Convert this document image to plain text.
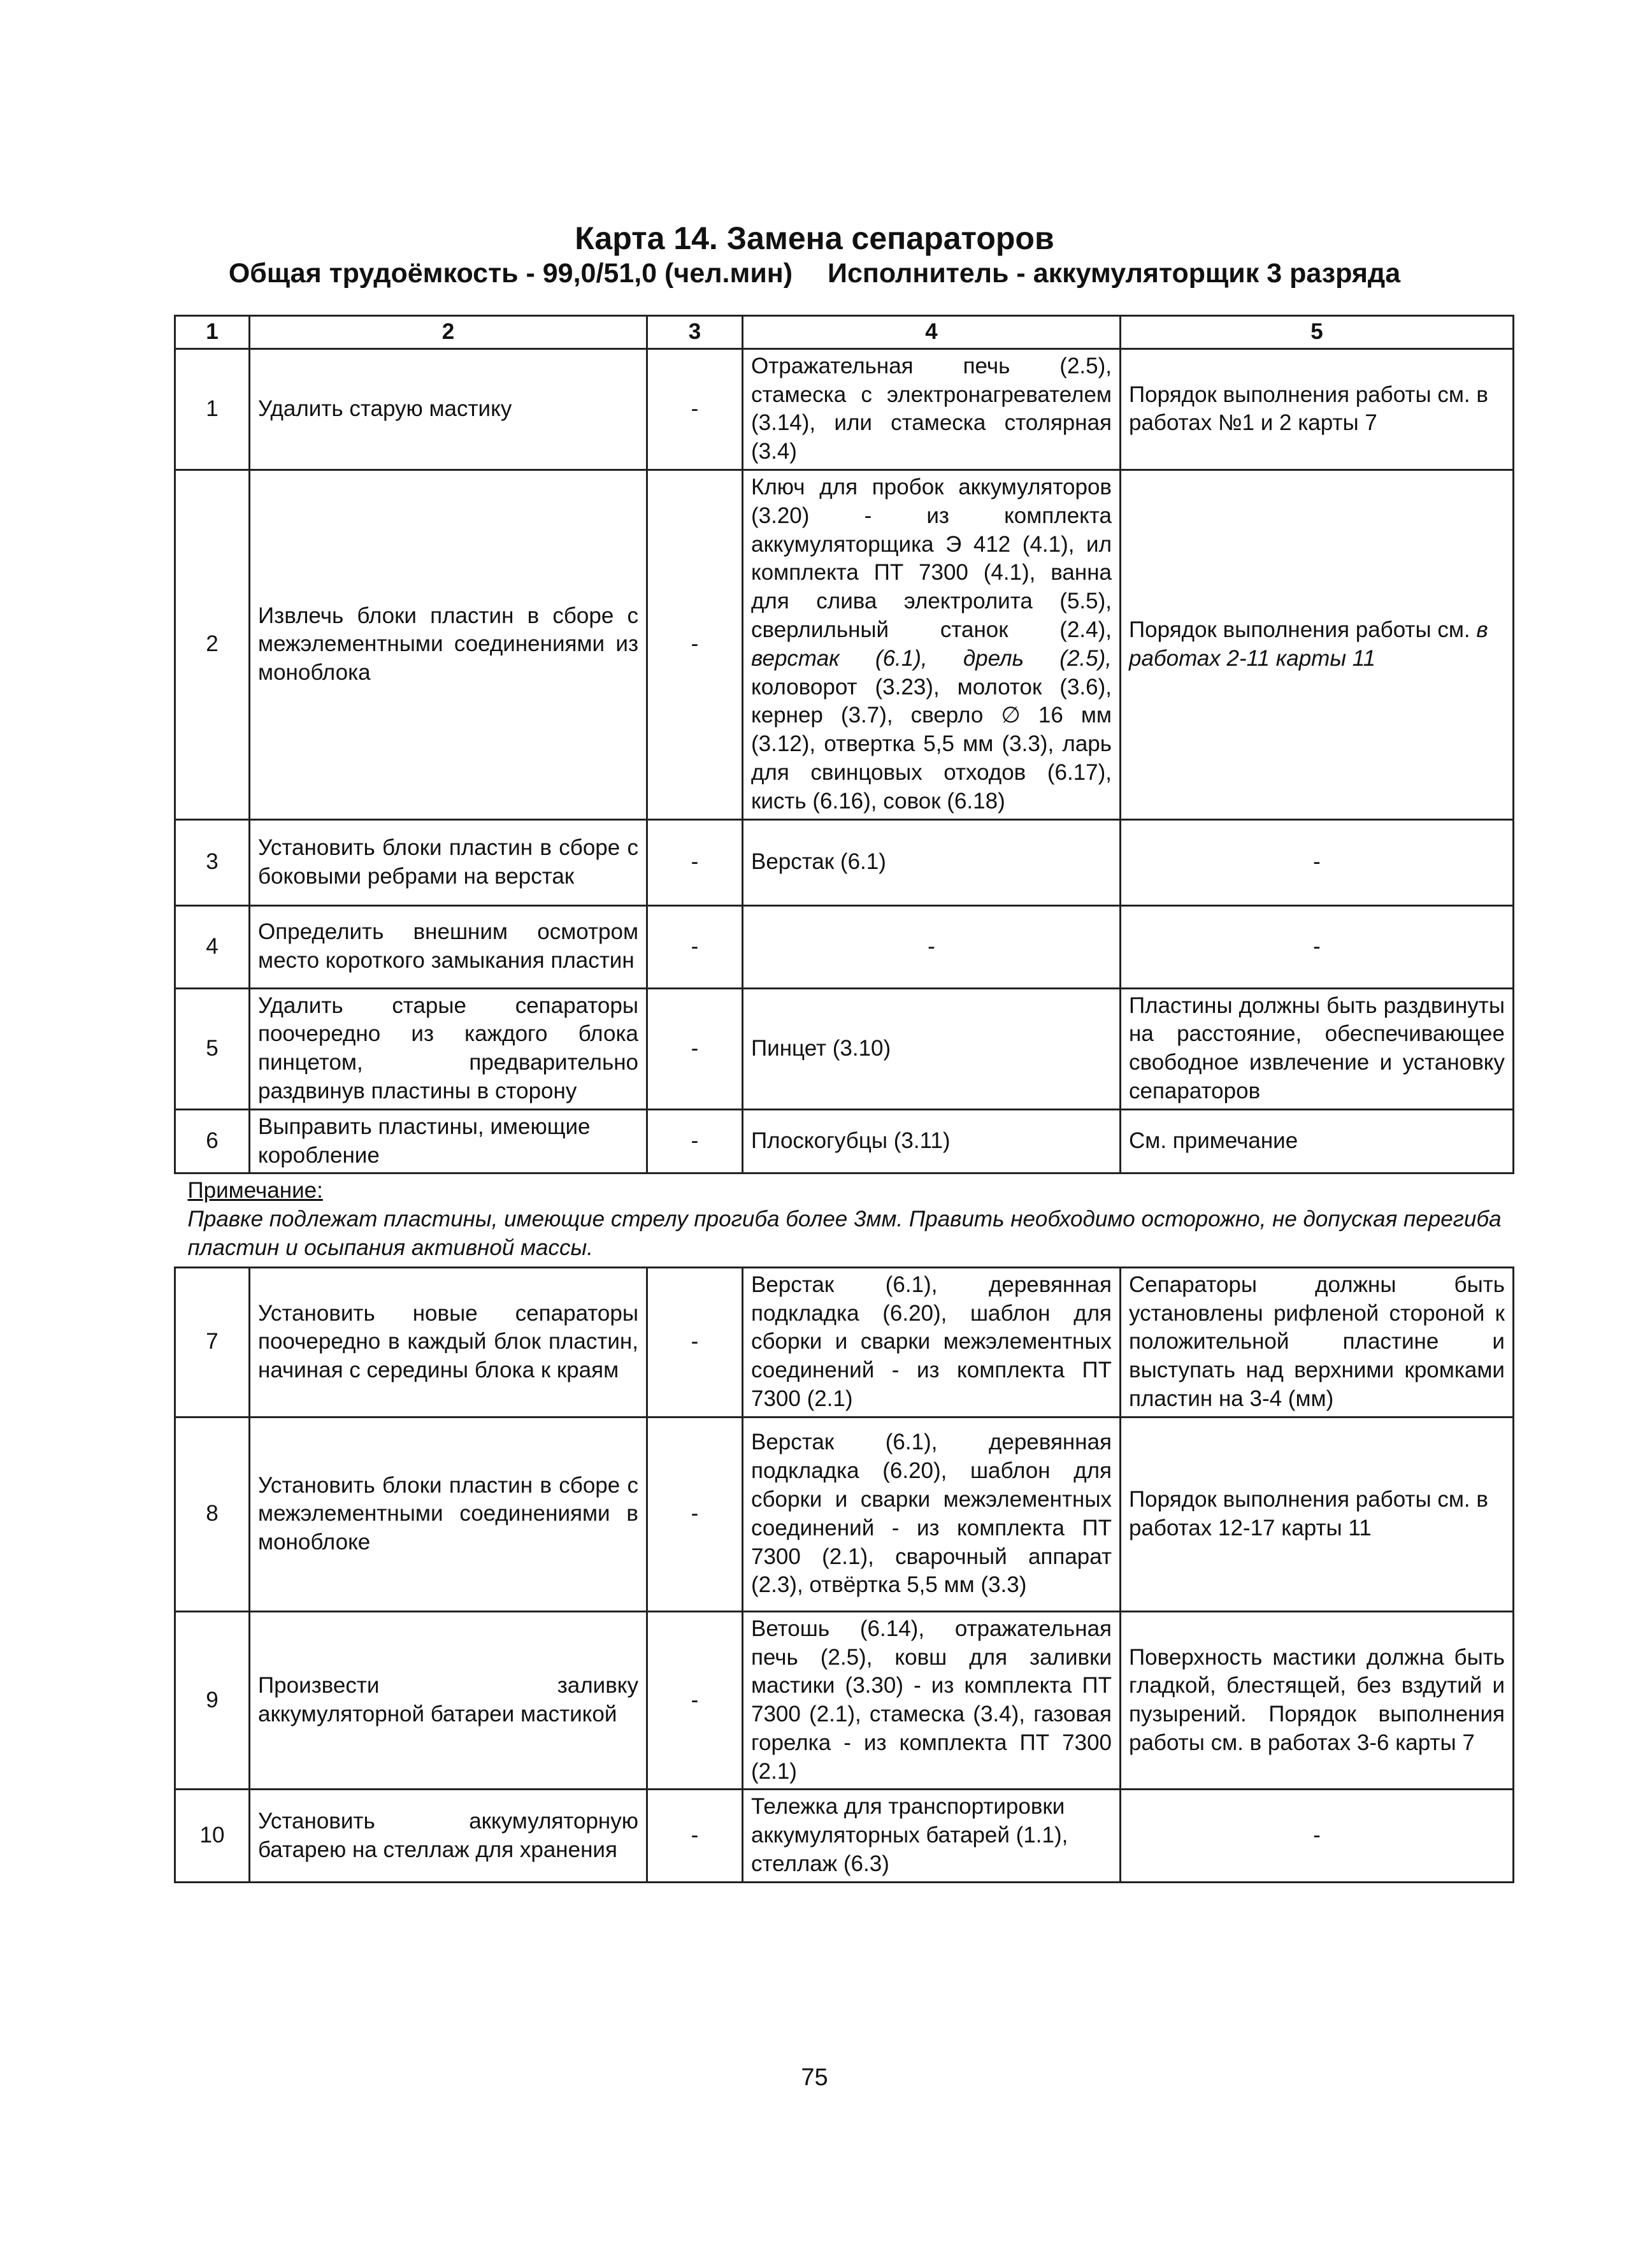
Карта 14. Замена сепараторов
Общая трудоёмкость - 99,0/51,0 (чел.мин) Исполнитель - аккумуляторщик 3 разряда
1	2	3	4	5
1	Удалить старую мастику	-	Отражательная печь (2.5), стамеска с электронагревателем (3.14), или стамеска столярная (3.4)	Порядок выполнения работы см. в работах №1 и 2 карты 7
2	Извлечь блоки пластин в сборе с межэлементными соединениями из моноблока	-	Ключ для пробок аккумуляторов (3.20) - из комплекта аккумуляторщика Э 412 (4.1), ил комплекта ПТ 7300 (4.1), ванна для слива электролита (5.5), сверлильный станок (2.4), верстак (6.1), дрель (2.5), коловорот (3.23), молоток (3.6), кернер (3.7), сверло ∅ 16 мм (3.12), отвертка 5,5 мм (3.3), ларь для свинцовых отходов (6.17), кисть (6.16), совок (6.18)	Порядок выполнения работы см. в работах 2-11 карты 11
3	Установить блоки пластин в сборе с боковыми ребрами на верстак	-	Верстак (6.1)	-
4	Определить внешним осмотром место короткого замыкания пластин	-	-	-
5	Удалить старые сепараторы поочередно из каждого блока пинцетом, предварительно раздвинув пластины в сторону	-	Пинцет (3.10)	Пластины должны быть раздвинуты на расстояние, обеспечивающее свободное извлечение и установку сепараторов
6	Выправить пластины, имеющие коробление	-	Плоскогубцы (3.11)	См. примечание

Примечание:
Правке подлежат пластины, имеющие стрелу прогиба более 3мм. Править необходимо осторожно, не допуская перегиба пластин и осыпания активной массы.				

7	Установить новые сепараторы поочередно в каждый блок пластин, начиная с середины блока к краям	-	Верстак (6.1), деревянная подкладка (6.20), шаблон для сборки и сварки межэлементных соединений - из комплекта ПТ 7300 (2.1)	Сепараторы должны быть установлены рифленой стороной к положительной пластине и выступать над верхними кромками пластин на 3-4 (мм)
8	Установить блоки пластин в сборе с межэлементными соединениями в моноблоке	-	Верстак (6.1), деревянная подкладка (6.20), шаблон для сборки и сварки межэлементных соединений - из комплекта ПТ 7300 (2.1), сварочный аппарат (2.3), отвёртка 5,5 мм (3.3)	Порядок выполнения работы см. в работах 12-17 карты 11
9	Произвести заливку аккумуляторной батареи мастикой	-	Ветошь (6.14), отражательная печь (2.5), ковш для заливки мастики (3.30) - из комплекта ПТ 7300 (2.1), стамеска (3.4), газовая горелка - из комплекта ПТ 7300 (2.1)	Поверхность мастики должна быть гладкой, блестящей, без вздутий и пузырений. Порядок выполнения работы см. в работах 3-6 карты 7
10	Установить аккумуляторную батарею на стеллаж для хранения	-	Тележка для транспортировки аккумуляторных батарей (1.1), стеллаж (6.3)	-
75
